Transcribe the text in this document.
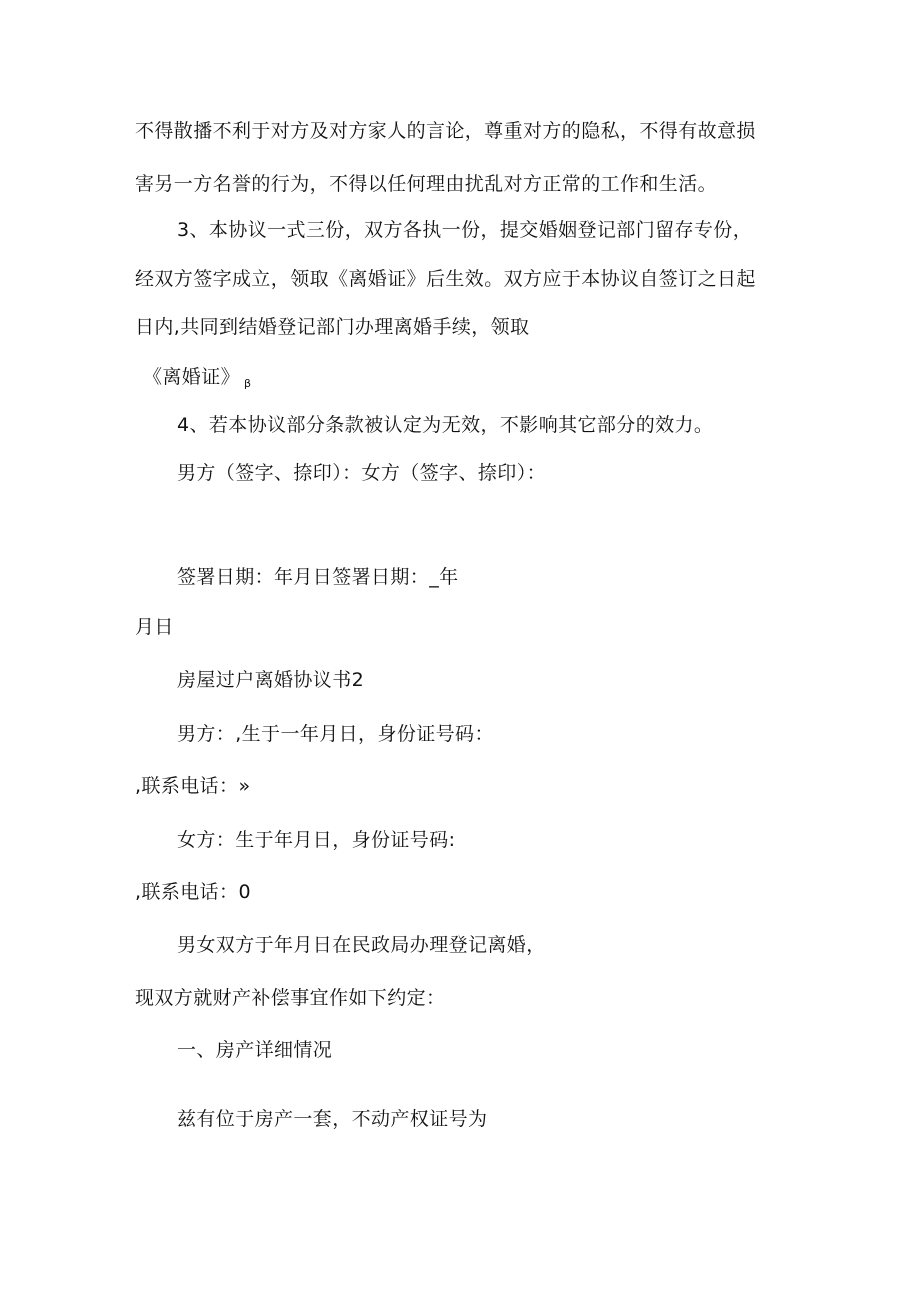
不得散播不利于对方及对方家人的言论，尊重对方的隐私，不得有故意损
害另一方名誉的行为，不得以任何理由扰乱对方正常的工作和生活。
3、本协议一式三份，双方各执一份，提交婚姻登记部门留存专份，
经双方签字成立，领取《离婚证》后生效。双方应于本协议自签订之日起
日内,共同到结婚登记部门办理离婚手续，领取
《离婚证》 $_\beta$
4、若本协议部分条款被认定为无效，不影响其它部分的效力。
男方（签字、捺印）：女方（签字、捺印）：
签署日期：年月日签署日期：_年
月日
房屋过户离婚协议书2
男方：,生于一年月日，身份证号码：
,联系电话：»
女方：生于年月日，身份证号码:
,联系电话：0
男女双方于年月日在民政局办理登记离婚，
现双方就财产补偿事宜作如下约定：
一、房产详细情况
兹有位于房产一套，不动产权证号为
